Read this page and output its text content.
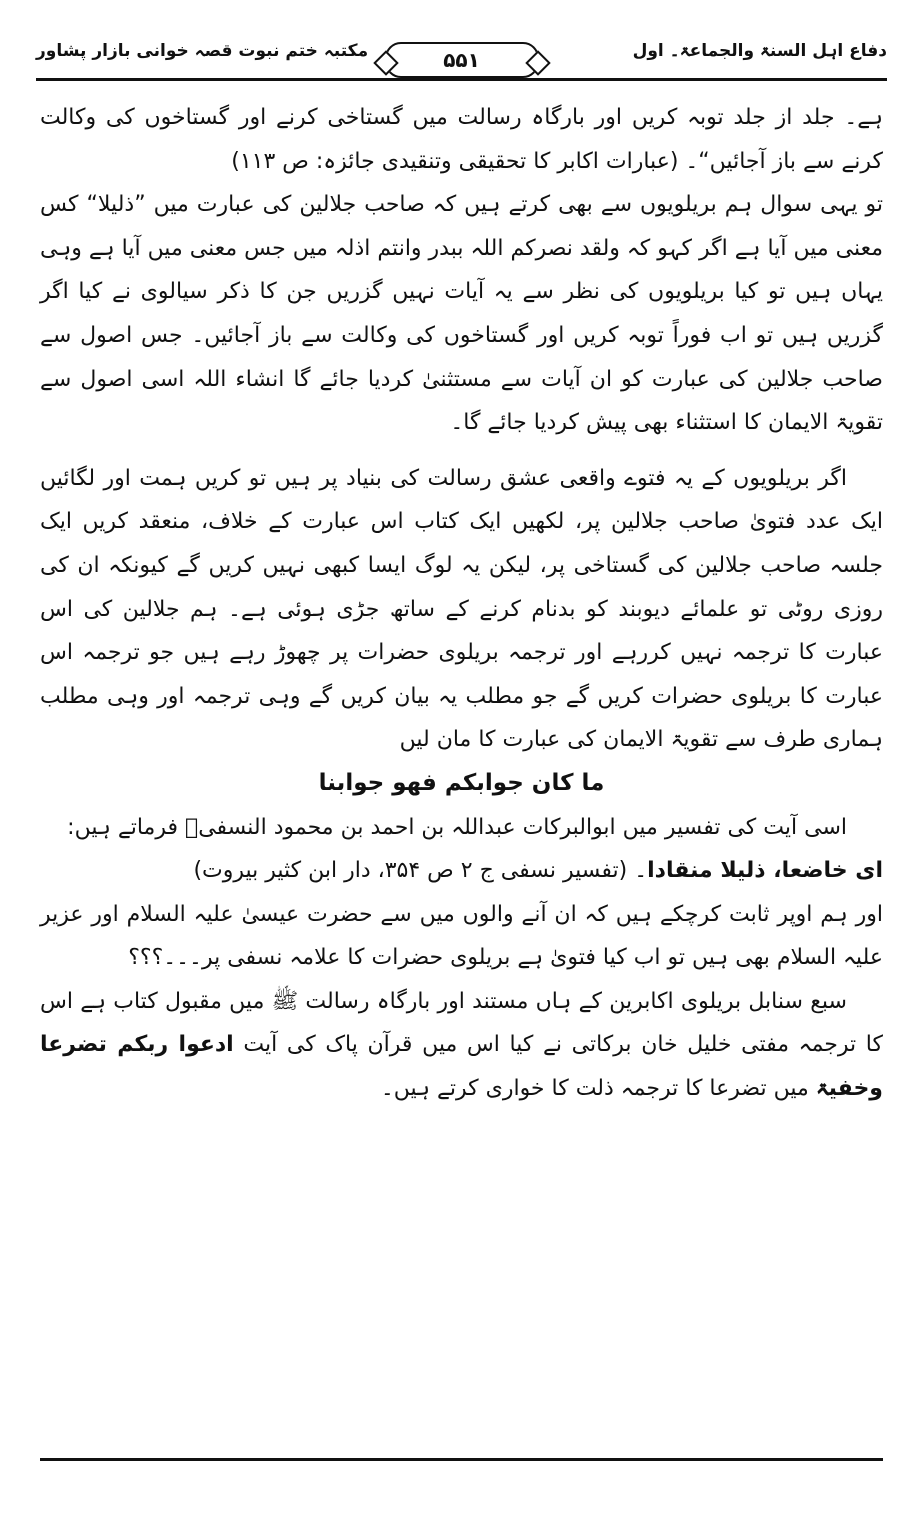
دفاع اہل السنۃ والجماعۃ۔ اول
۵۵۱
مکتبہ ختم نبوت قصہ خوانی بازار پشاور

ہے۔ جلد از جلد توبہ کریں اور بارگاہ رسالت میں گستاخی کرنے اور گستاخوں کی وکالت کرنے سے باز آجائیں“۔ (عبارات اکابر کا تحقیقی وتنقیدی جائزہ: ص ۱۱۳)

تو یہی سوال ہم بریلویوں سے بھی کرتے ہیں کہ صاحب جلالین کی عبارت میں ”ذلیلا“ کس معنی میں آیا ہے اگر کہو کہ ولقد نصرکم اللہ ببدر وانتم اذلہ میں جس معنی میں آیا ہے وہی یہاں ہیں تو کیا بریلویوں کی نظر سے یہ آیات نہیں گزریں جن کا ذکر سیالوی نے کیا اگر گزریں ہیں تو اب فوراً توبہ کریں اور گستاخوں کی وکالت سے باز آجائیں۔ جس اصول سے صاحب جلالین کی عبارت کو ان آیات سے مستثنیٰ کردیا جائے گا انشاء اللہ اسی اصول سے تقویۃ الایمان کا استثناء بھی پیش کردیا جائے گا۔

اگر بریلویوں کے یہ فتوے واقعی عشق رسالت کی بنیاد پر ہیں تو کریں ہمت اور لگائیں ایک عدد فتویٰ صاحب جلالین پر، لکھیں ایک کتاب اس عبارت کے خلاف، منعقد کریں ایک جلسہ صاحب جلالین کی گستاخی پر، لیکن یہ لوگ ایسا کبھی نہیں کریں گے کیونکہ ان کی روزی روٹی تو علمائے دیوبند کو بدنام کرنے کے ساتھ جڑی ہوئی ہے۔ ہم جلالین کی اس عبارت کا ترجمہ نہیں کررہے اور ترجمہ بریلوی حضرات پر چھوڑ رہے ہیں جو ترجمہ اس عبارت کا بریلوی حضرات کریں گے جو مطلب یہ بیان کریں گے وہی ترجمہ اور وہی مطلب ہماری طرف سے تقویۃ الایمان کی عبارت کا مان لیں

ما کان جوابکم فھو جوابنا

اسی آیت کی تفسیر میں ابوالبرکات عبداللہ بن احمد بن محمود النسفیؒ فرماتے ہیں:

ای خاضعا، ذلیلا منقادا۔ (تفسیر نسفی ج ۲ ص ۳۵۴، دار ابن کثیر بیروت)

اور ہم اوپر ثابت کرچکے ہیں کہ ان آنے والوں میں سے حضرت عیسیٰ علیہ السلام اور عزیر علیہ السلام بھی ہیں تو اب کیا فتویٰ ہے بریلوی حضرات کا علامہ نسفی پر۔۔۔؟؟؟

سبع سنابل بریلوی اکابرین کے ہاں مستند اور بارگاہ رسالت ﷺ میں مقبول کتاب ہے اس کا ترجمہ مفتی خلیل خان برکاتی نے کیا اس میں قرآن پاک کی آیت ادعوا ربکم تضرعا وخفیۃ میں تضرعا کا ترجمہ ذلت کا خواری کرتے ہیں۔
